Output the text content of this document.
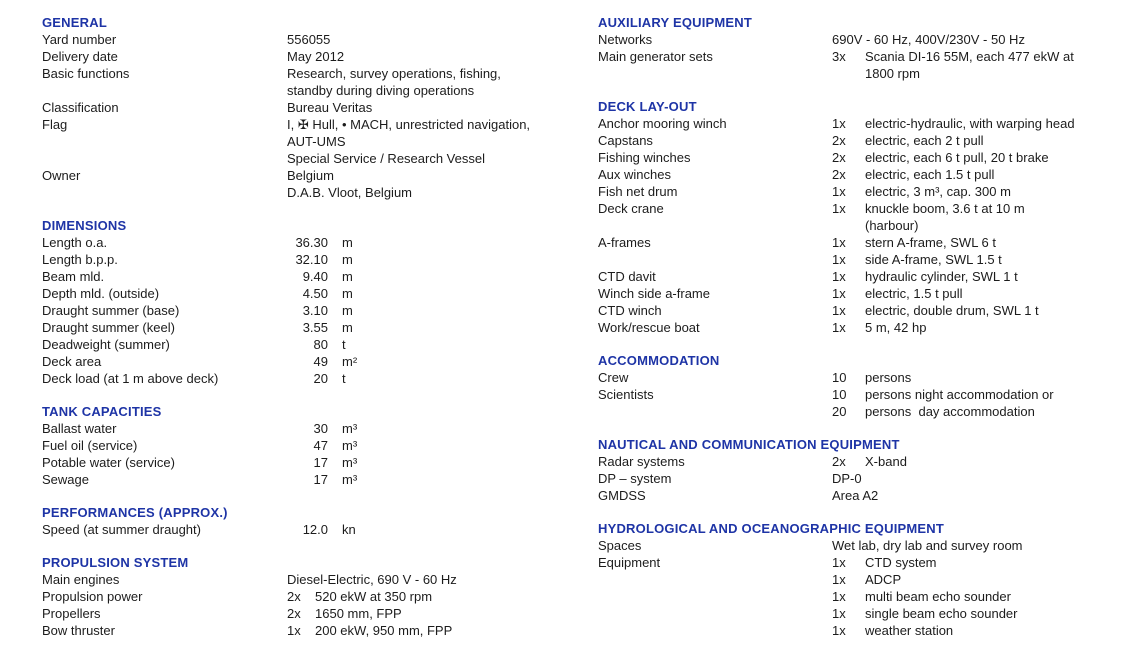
GENERAL
Yard number	556055
Delivery date	May 2012
Basic functions	Research, survey operations, fishing,
standby during diving operations
Classification	Bureau Veritas
Flag	I, ✠ Hull, • MACH, unrestricted navigation,
AUT-UMS
Special Service / Research Vessel
Owner	Belgium
D.A.B. Vloot, Belgium
DIMENSIONS
Length o.a.	36.30 m
Length b.p.p.	32.10 m
Beam mld.	9.40 m
Depth mld. (outside)	4.50 m
Draught summer (base)	3.10 m
Draught summer (keel)	3.55 m
Deadweight (summer)	80 t
Deck area	49 m²
Deck load (at 1 m above deck)	20 t
TANK CAPACITIES
Ballast water	30 m³
Fuel oil (service)	47 m³
Potable water (service)	17 m³
Sewage	17 m³
PERFORMANCES (APPROX.)
Speed (at summer draught)	12.0 kn
PROPULSION SYSTEM
Main engines	Diesel-Electric, 690 V - 60 Hz
Propulsion power	2x 520 ekW at 350 rpm
Propellers	2x 1650 mm, FPP
Bow thruster	1x 200 ekW, 950 mm, FPP
AUXILIARY EQUIPMENT
Networks	690V - 60 Hz, 400V/230V - 50 Hz
Main generator sets	3x Scania DI-16 55M, each 477 ekW at
1800 rpm
DECK LAY-OUT
Anchor mooring winch	1x electric-hydraulic, with warping head
Capstans	2x electric, each 2 t pull
Fishing winches	2x electric, each 6 t pull, 20 t brake
Aux winches	2x electric, each 1.5 t pull
Fish net drum	1x electric, 3 m³, cap. 300 m
Deck crane	1x knuckle boom, 3.6 t at 10 m
(harbour)
A-frames	1x stern A-frame, SWL 6 t
1x side A-frame, SWL 1.5 t
CTD davit	1x hydraulic cylinder, SWL 1 t
Winch side a-frame	1x electric, 1.5 t pull
CTD winch	1x electric, double drum, SWL 1 t
Work/rescue boat	1x 5 m, 42 hp
ACCOMMODATION
Crew	10 persons
Scientists	10 persons night accommodation or
20 persons  day accommodation
NAUTICAL AND COMMUNICATION EQUIPMENT
Radar systems	2x X-band
DP – system	DP-0
GMDSS	Area A2
HYDROLOGICAL AND OCEANOGRAPHIC EQUIPMENT
Spaces	Wet lab, dry lab and survey room
Equipment	1x CTD system
1x ADCP
1x multi beam echo sounder
1x single beam echo sounder
1x weather station
